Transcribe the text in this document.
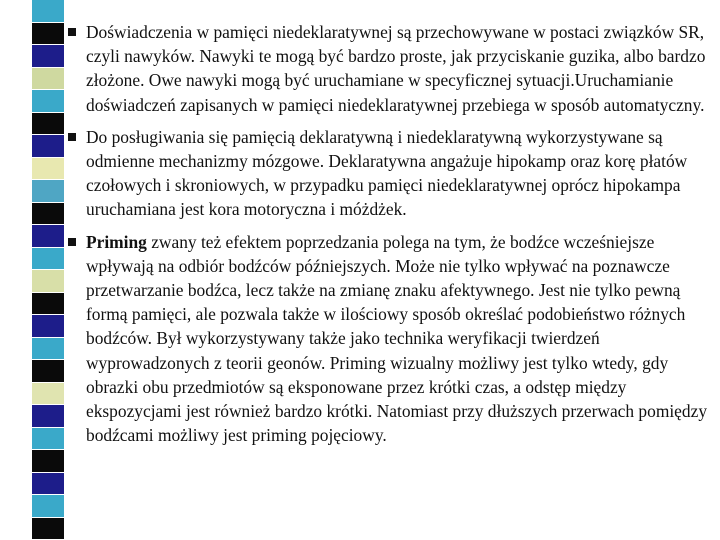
Doświadczenia w pamięci niedeklaratywnej są przechowywane w postaci związków SR, czyli nawyków. Nawyki te mogą być bardzo proste, jak przyciskanie guzika, albo bardzo złożone. Owe nawyki mogą być uruchamiane w specyficznej sytuacji.Uruchamianie doświadczeń zapisanych w pamięci niedeklaratywnej przebiega w sposób automatyczny.
Do posługiwania się pamięcią deklaratywną i niedeklaratywną wykorzystywane są odmienne mechanizmy mózgowe. Deklaratywna angażuje hipokamp oraz korę płatów czołowych i skroniowych, w przypadku pamięci niedeklaratywnej oprócz hipokampa uruchamiana jest kora motoryczna i móżdżek.
Priming zwany też efektem poprzedzania polega na tym, że bodźce wcześniejsze wpływają na odbiór bodźców późniejszych. Może nie tylko wpływać na poznawcze przetwarzanie bodźca, lecz także na zmianę znaku afektywnego. Jest nie tylko pewną formą pamięci, ale pozwala także w ilościowy sposób określać podobieństwo różnych bodźców. Był wykorzystywany także jako technika weryfikacji twierdzeń wyprowadzonych z teorii geonów. Priming wizualny możliwy jest tylko wtedy, gdy obrazki obu przedmiotów są eksponowane przez krótki czas, a odstęp między ekspozycjami jest również bardzo krótki. Natomiast przy dłuższych przerwach pomiędzy bodźcami możliwy jest priming pojęciowy.
